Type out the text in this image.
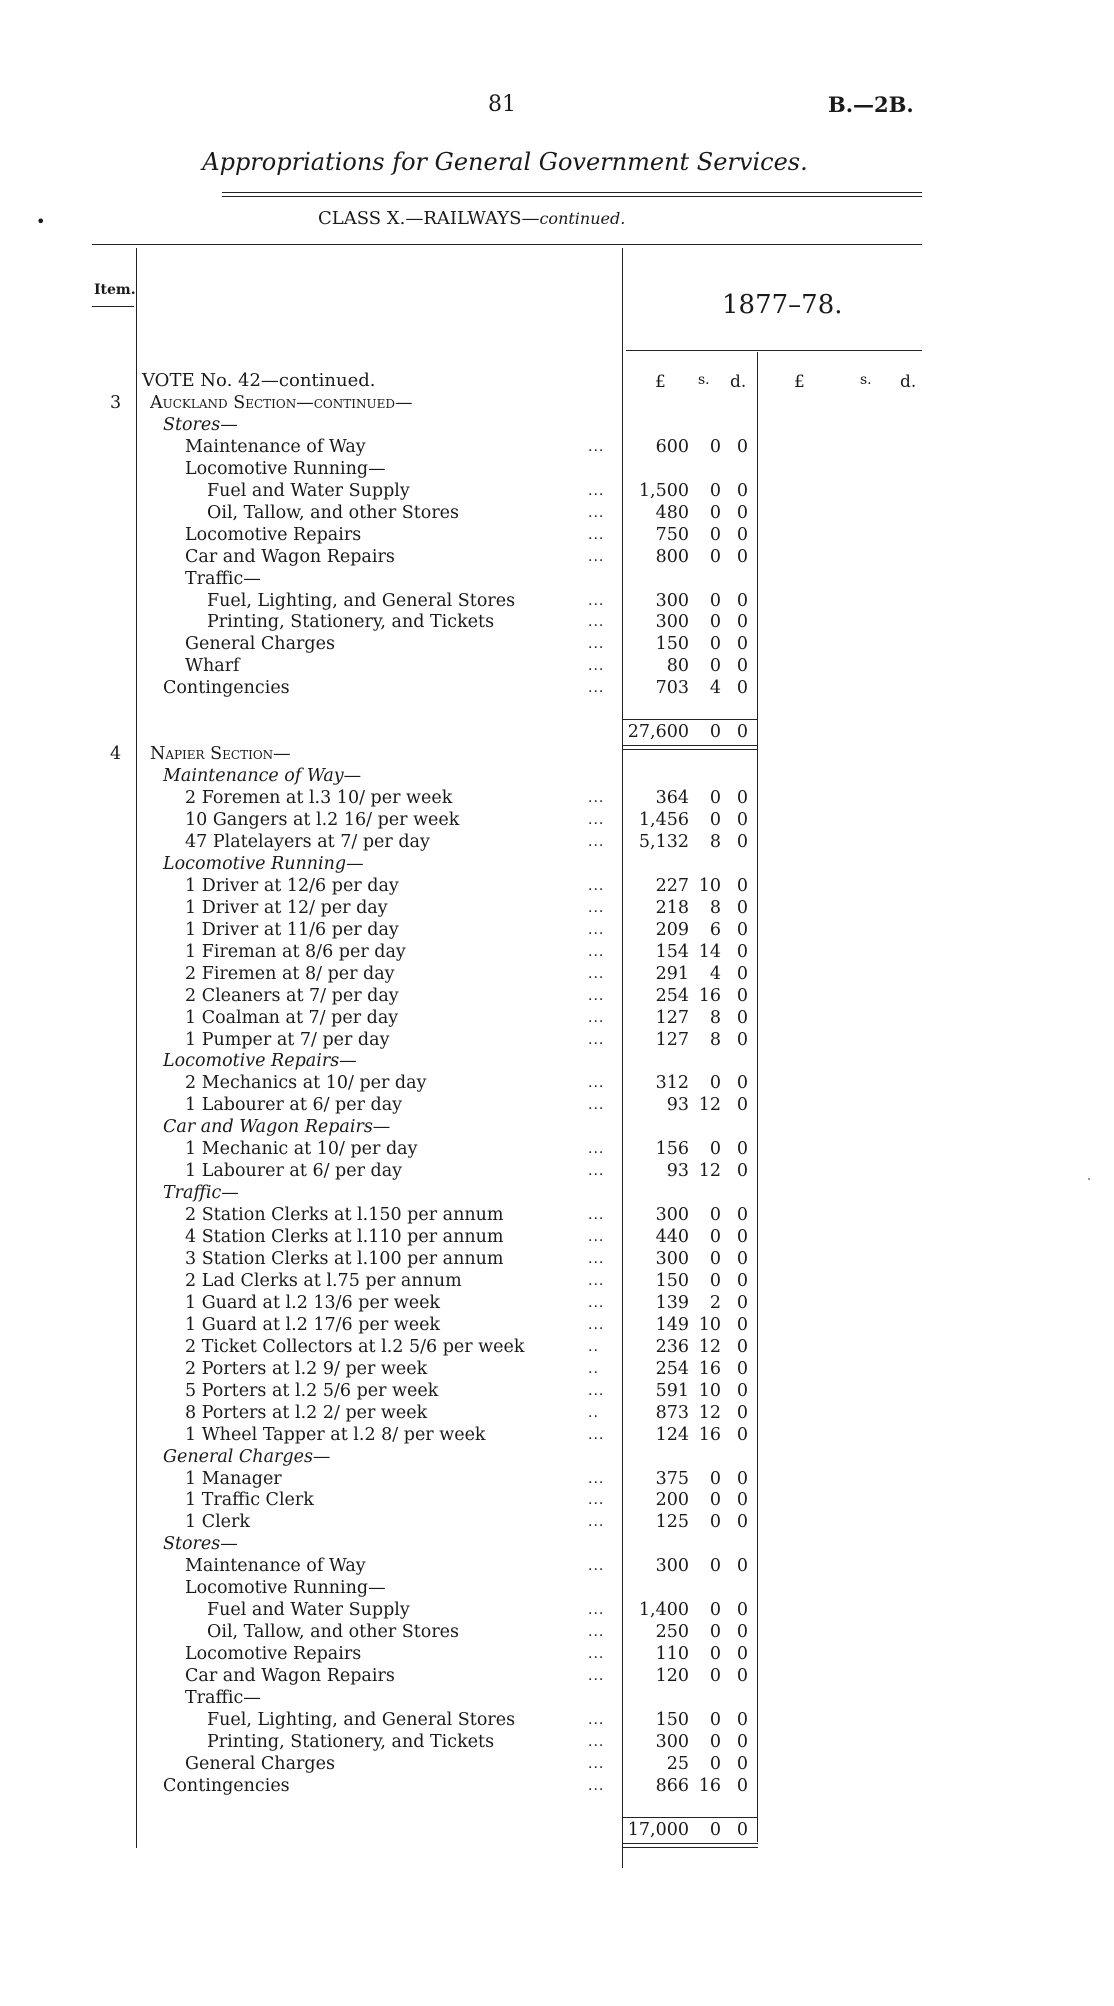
81	B.—2B.
Appropriations for General Government Services.
•	CLASS X.—RAILWAYS—continued.
Item.	1877–78.
£ s. d.	£	s. d.
VOTE No. 42—continued.
3 Auckland Section—continued—
Stores—
Maintenance of Way	...	600 0 0
Locomotive Running—
Fuel and Water Supply	... 1,500 0 0
Oil, Tallow, and other Stores	...	480 0 0
Locomotive Repairs	...	750 0 0
Car and Wagon Repairs	...	800 0 0
Traffic—
Fuel, Lighting, and General Stores	...	300 0 0
Printing, Stationery, and Tickets	...	300 0 0
General Charges	...	150 0 0
Wharf	...	80 0 0
Contingencies	...	703 4 0
27,600 0 0
4 Napier Section—
Maintenance of Way—
2 Foremen at l.3 10/ per week	...	364 0 0
10 Gangers at l.2 16/ per week	... 1,456 0 0
47 Platelayers at 7/ per day	... 5,132 8 0
Locomotive Running—
1 Driver at 12/6 per day	...	227 10 0
1 Driver at 12/ per day	...	218 8 0
1 Driver at 11/6 per day	...	209 6 0
1 Fireman at 8/6 per day	...	154 14 0
2 Firemen at 8/ per day	...	291 4 0
2 Cleaners at 7/ per day	...	254 16 0
1 Coalman at 7/ per day	...	127 8 0
1 Pumper at 7/ per day	...	127 8 0
Locomotive Repairs—
2 Mechanics at 10/ per day	...	312 0 0
1 Labourer at 6/ per day	...	93 12 0
Car and Wagon Repairs—
1 Mechanic at 10/ per day	...	156 0 0
1 Labourer at 6/ per day	...	93 12 0
Traffic—
2 Station Clerks at l.150 per annum	...	300 0 0
4 Station Clerks at l.110 per annum	...	440 0 0
3 Station Clerks at l.100 per annum	...	300 0 0
2 Lad Clerks at l.75 per annum	...	150 0 0
1 Guard at l.2 13/6 per week	...	139 2 0
1 Guard at l.2 17/6 per week	...	149 10 0
2 Ticket Collectors at l.2 5/6 per week	..	236 12 0
2 Porters at l.2 9/ per week	..	254 16 0
5 Porters at l.2 5/6 per week	...	591 10 0
8 Porters at l.2 2/ per week	..	873 12 0
1 Wheel Tapper at l.2 8/ per week	...	124 16 0
General Charges—
1 Manager	...	375 0 0
1 Traffic Clerk	...	200 0 0
1 Clerk	...	125 0 0
Stores—
Maintenance of Way	...	300 0 0
Locomotive Running—
Fuel and Water Supply	... 1,400 0 0
Oil, Tallow, and other Stores	...	250 0 0
Locomotive Repairs	...	110 0 0
Car and Wagon Repairs	...	120 0 0
Traffic—
Fuel, Lighting, and General Stores	...	150 0 0
Printing, Stationery, and Tickets	...	300 0 0
General Charges	...	25 0 0
Contingencies	...	866 16 0
17,000 0 0
